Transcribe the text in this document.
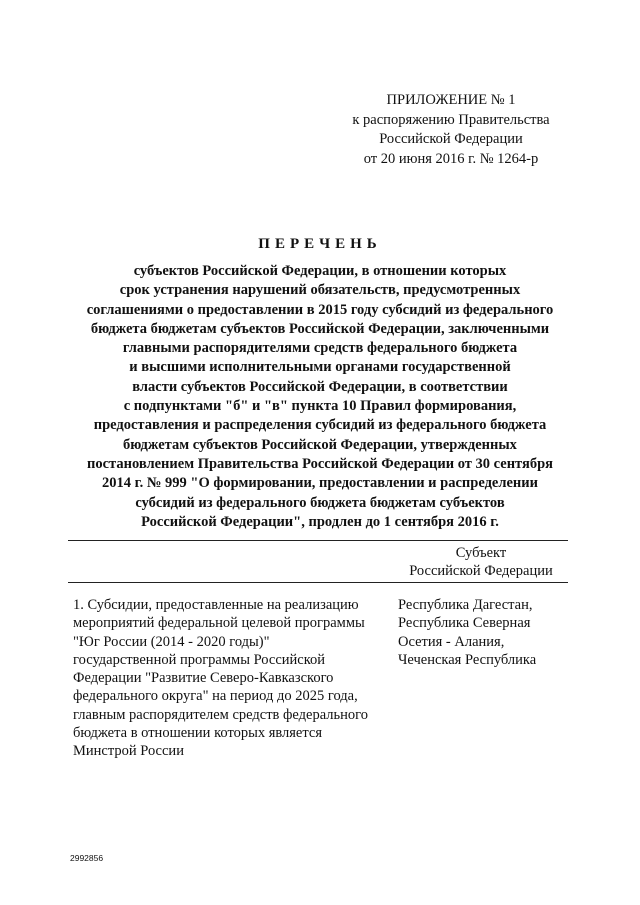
ПРИЛОЖЕНИЕ № 1
к распоряжению Правительства
Российской Федерации
от 20 июня 2016 г. № 1264-р
ПЕРЕЧЕНЬ
субъектов Российской Федерации, в отношении которых
срок устранения нарушений обязательств, предусмотренных
соглашениями о предоставлении в 2015 году субсидий из федерального
бюджета бюджетам субъектов Российской Федерации, заключенными
главными распорядителями средств федерального бюджета
и высшими исполнительными органами государственной
власти субъектов Российской Федерации, в соответствии
с подпунктами "б" и "в" пункта 10 Правил формирования,
предоставления и распределения субсидий из федерального бюджета
бюджетам субъектов Российской Федерации, утвержденных
постановлением Правительства Российской Федерации от 30 сентября
2014 г. № 999 "О формировании, предоставлении и распределении
субсидий из федерального бюджета бюджетам субъектов
Российской Федерации", продлен до 1 сентября 2016 г.
Субъект
Российской Федерации
1. Субсидии, предоставленные на реализацию
мероприятий федеральной целевой программы
"Юг России (2014 - 2020 годы)"
государственной программы Российской
Федерации "Развитие Северо-Кавказского
федерального округа" на период до 2025 года,
главным распорядителем средств федерального
бюджета в отношении которых является
Минстрой России
Республика Дагестан,
Республика Северная
Осетия - Алания,
Чеченская Республика
2992856
